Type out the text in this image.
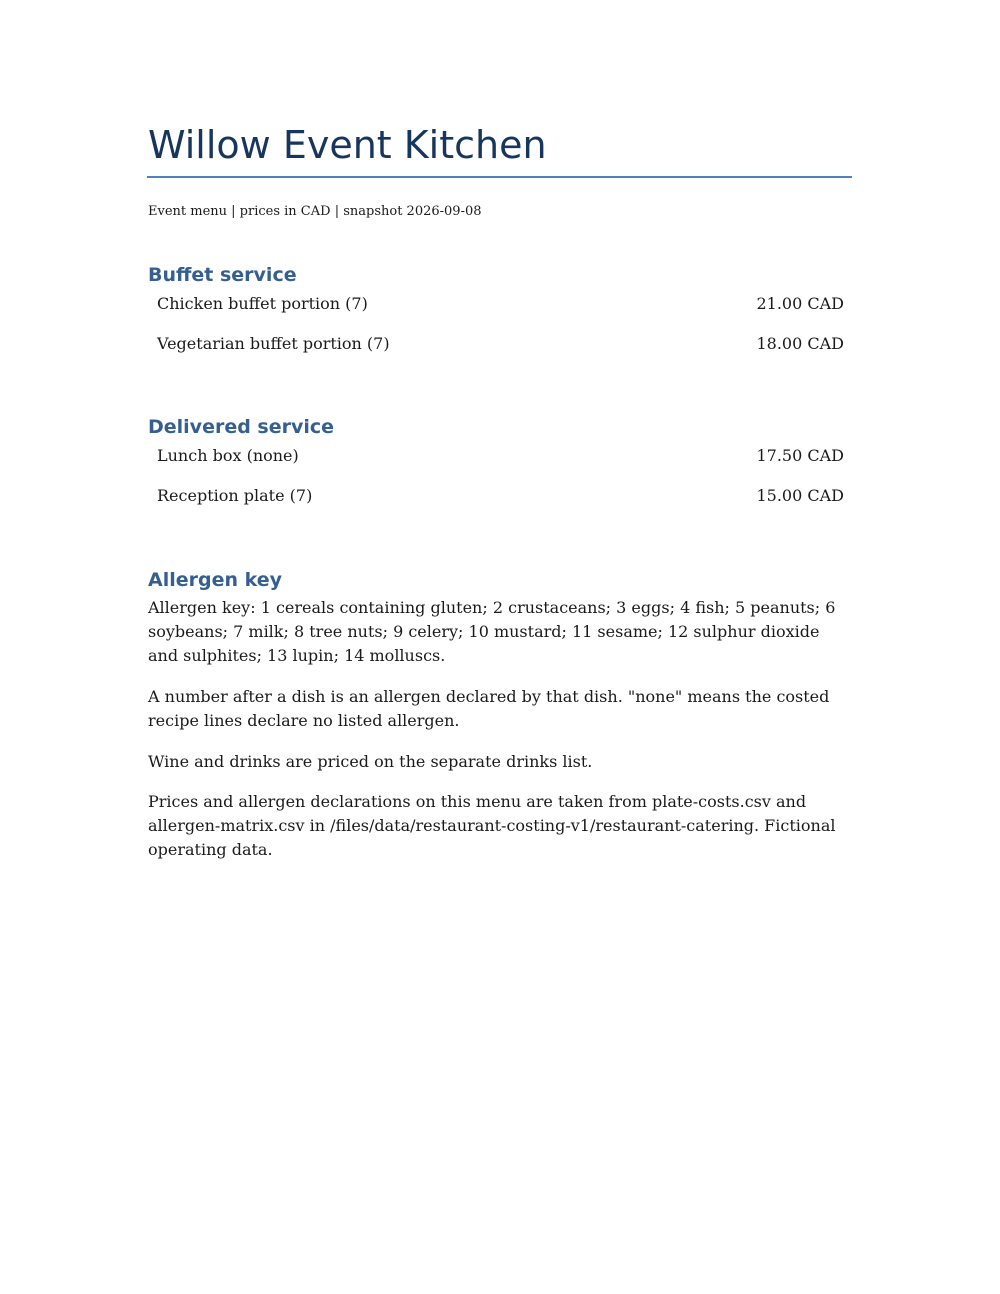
Willow Event Kitchen
Event menu | prices in CAD | snapshot 2026-09-08
Buffet service
Chicken buffet portion (7)	21.00 CAD
Vegetarian buffet portion (7)	18.00 CAD
Delivered service
Lunch box (none)	17.50 CAD
Reception plate (7)	15.00 CAD
Allergen key

Allergen key: 1 cereals containing gluten; 2 crustaceans; 3 eggs; 4 fish; 5 peanuts; 6 soybeans; 7 milk; 8 tree nuts; 9 celery; 10 mustard; 11 sesame; 12 sulphur dioxide and sulphites; 13 lupin; 14 molluscs.

A number after a dish is an allergen declared by that dish. "none" means the costed recipe lines declare no listed allergen.

Wine and drinks are priced on the separate drinks list.

Prices and allergen declarations on this menu are taken from plate-costs.csv and allergen-matrix.csv in /files/data/restaurant-costing-v1/restaurant-catering. Fictional operating data.
